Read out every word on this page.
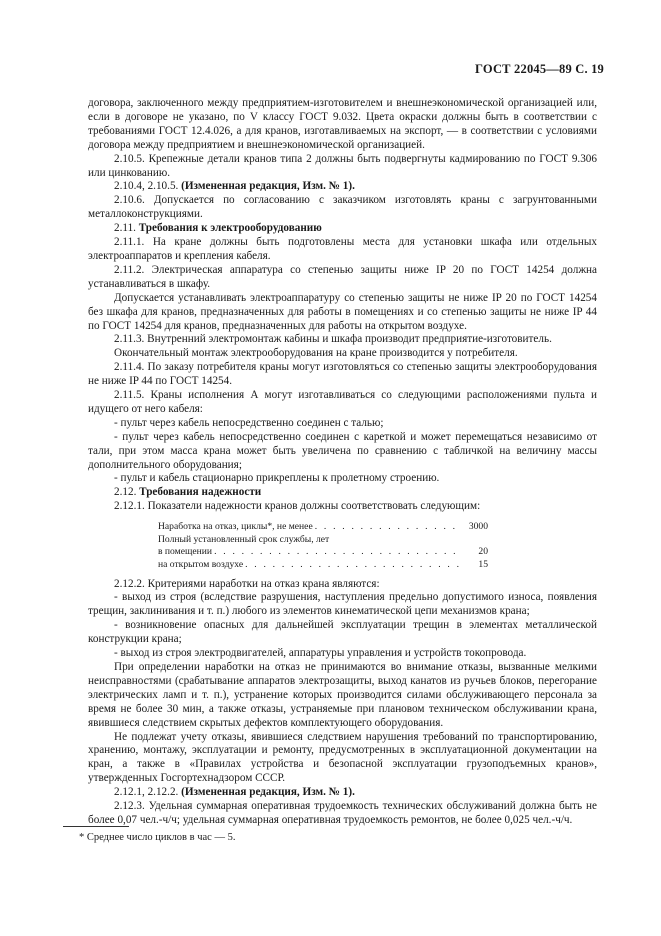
ГОСТ 22045—89 С. 19

договора, заключенного между предприятием-изготовителем и внешнеэкономической организацией или, если в договоре не указано, по V классу ГОСТ 9.032. Цвета окраски должны быть в соответствии с требованиями ГОСТ 12.4.026, а для кранов, изготавливаемых на экспорт, — в соответствии с условиями договора между предприятием и внешнеэкономической организацией.

2.10.5. Крепежные детали кранов типа 2 должны быть подвергнуты кадмированию по ГОСТ 9.306 или цинкованию.

2.10.4, 2.10.5. (Измененная редакция, Изм. № 1).

2.10.6. Допускается по согласованию с заказчиком изготовлять краны с загрунтованными металлоконструкциями.

2.11. Требования к электрооборудованию

2.11.1. На кране должны быть подготовлены места для установки шкафа или отдельных электроаппаратов и крепления кабеля.

2.11.2. Электрическая аппаратура со степенью защиты ниже IP 20 по ГОСТ 14254 должна устанавливаться в шкафу.

Допускается устанавливать электроаппаратуру со степенью защиты не ниже IP 20 по ГОСТ 14254 без шкафа для кранов, предназначенных для работы в помещениях и со степенью защиты не ниже IP 44 по ГОСТ 14254 для кранов, предназначенных для работы на открытом воздухе.

2.11.3. Внутренний электромонтаж кабины и шкафа производит предприятие-изготовитель.

Окончательный монтаж электрооборудования на кране производится у потребителя.

2.11.4. По заказу потребителя краны могут изготовляться со степенью защиты электрооборудования не ниже IP 44 по ГОСТ 14254.

2.11.5. Краны исполнения А могут изготавливаться со следующими расположениями пульта и идущего от него кабеля:

- пульт через кабель непосредственно соединен с талью;

- пульт через кабель непосредственно соединен с кареткой и может перемещаться независимо от тали, при этом масса крана может быть увеличена по сравнению с табличкой на величину массы дополнительного оборудования;

- пульт и кабель стационарно прикреплены к пролетному строению.

2.12. Требования надежности

2.12.1. Показатели надежности кранов должны соответствовать следующим:

Наработка на отказ, циклы*, не менее . . .	3000
Полный установленный срок службы, лет
в помещении . . .	20
на открытом воздухе . . .	15

2.12.2. Критериями наработки на отказ крана являются:

- выход из строя (вследствие разрушения, наступления предельно допустимого износа, появления трещин, заклинивания и т. п.) любого из элементов кинематической цепи механизмов крана;

- возникновение опасных для дальнейшей эксплуатации трещин в элементах металлической конструкции крана;

- выход из строя электродвигателей, аппаратуры управления и устройств токопровода.

При определении наработки на отказ не принимаются во внимание отказы, вызванные мелкими неисправностями (срабатывание аппаратов электрозащиты, выход канатов из ручьев блоков, перегорание электрических ламп и т. п.), устранение которых производится силами обслуживающего персонала за время не более 30 мин, а также отказы, устраняемые при плановом техническом обслуживании крана, явившиеся следствием скрытых дефектов комплектующего оборудования.

Не подлежат учету отказы, явившиеся следствием нарушения требований по транспортированию, хранению, монтажу, эксплуатации и ремонту, предусмотренных в эксплуатационной документации на кран, а также в «Правилах устройства и безопасной эксплуатации грузоподъемных кранов», утвержденных Госгортехнадзором СССР.

2.12.1, 2.12.2. (Измененная редакция, Изм. № 1).

2.12.3. Удельная суммарная оперативная трудоемкость технических обслуживаний должна быть не более 0,07 чел.-ч/ч; удельная суммарная оперативная трудоемкость ремонтов, не более 0,025 чел.-ч/ч.

* Среднее число циклов в час — 5.
